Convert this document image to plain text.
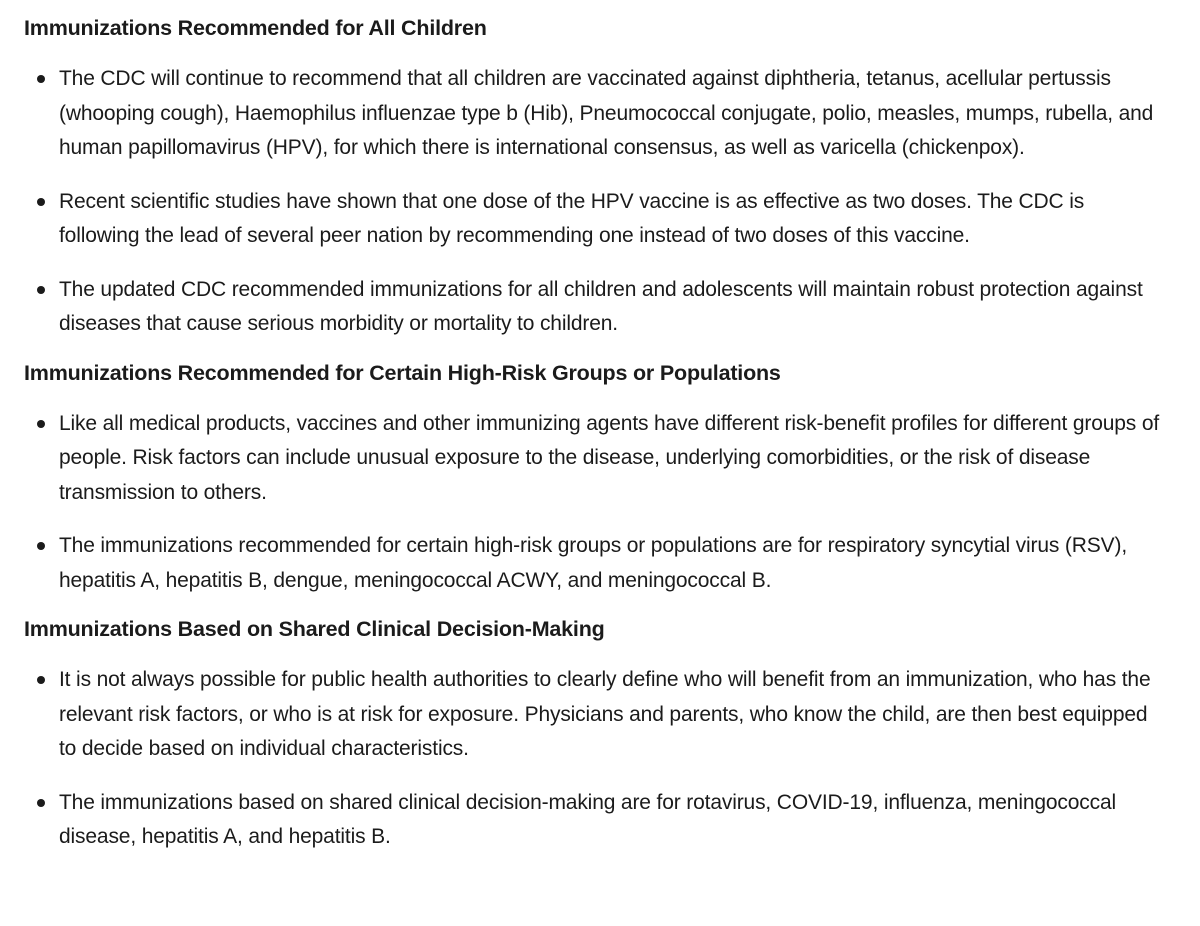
Immunizations Recommended for All Children
The CDC will continue to recommend that all children are vaccinated against diphtheria, tetanus, acellular pertussis (whooping cough), Haemophilus influenzae type b (Hib), Pneumococcal conjugate, polio, measles, mumps, rubella, and human papillomavirus (HPV), for which there is international consensus, as well as varicella (chickenpox).
Recent scientific studies have shown that one dose of the HPV vaccine is as effective as two doses. The CDC is following the lead of several peer nation by recommending one instead of two doses of this vaccine.
The updated CDC recommended immunizations for all children and adolescents will maintain robust protection against diseases that cause serious morbidity or mortality to children.
Immunizations Recommended for Certain High-Risk Groups or Populations
Like all medical products, vaccines and other immunizing agents have different risk-benefit profiles for different groups of people. Risk factors can include unusual exposure to the disease, underlying comorbidities, or the risk of disease transmission to others.
The immunizations recommended for certain high-risk groups or populations are for respiratory syncytial virus (RSV), hepatitis A, hepatitis B, dengue, meningococcal ACWY, and meningococcal B.
Immunizations Based on Shared Clinical Decision-Making
It is not always possible for public health authorities to clearly define who will benefit from an immunization, who has the relevant risk factors, or who is at risk for exposure. Physicians and parents, who know the child, are then best equipped to decide based on individual characteristics.
The immunizations based on shared clinical decision-making are for rotavirus, COVID-19, influenza, meningococcal disease, hepatitis A, and hepatitis B.
